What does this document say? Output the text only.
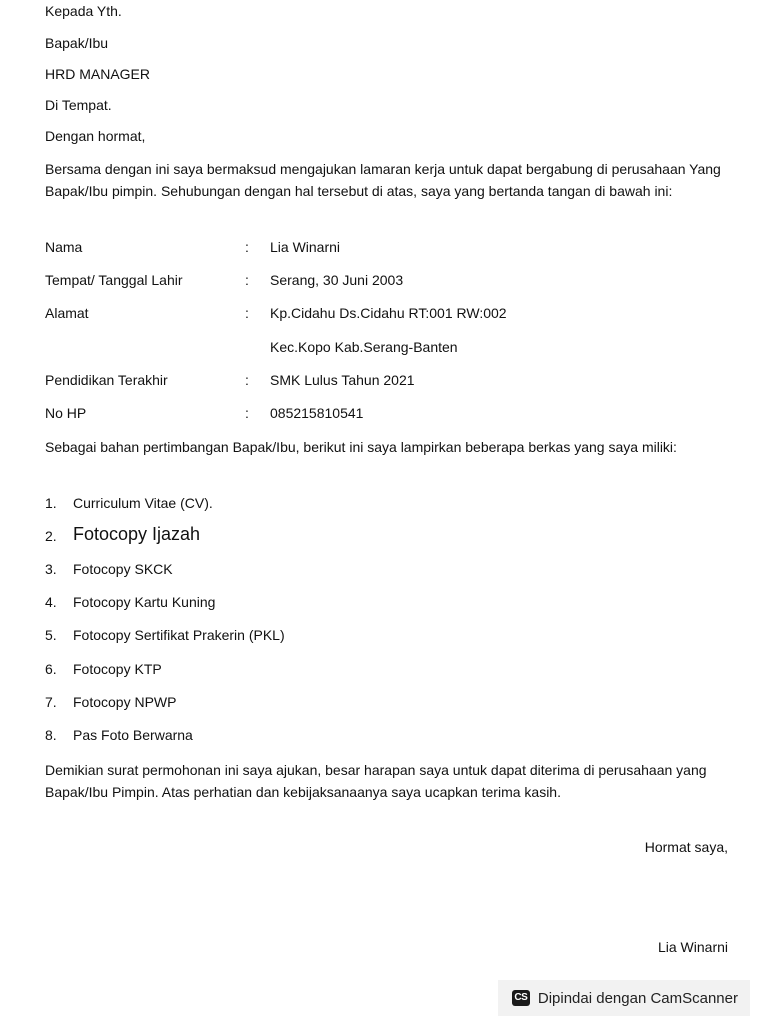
Kepada Yth.
Bapak/Ibu
HRD MANAGER
Di Tempat.
Dengan hormat,
Bersama dengan ini saya bermaksud mengajukan lamaran kerja untuk dapat bergabung di perusahaan Yang Bapak/Ibu pimpin. Sehubungan dengan hal tersebut di atas, saya yang bertanda tangan di bawah ini:
Nama	: Lia Winarni
Tempat/ Tanggal Lahir	: Serang, 30 Juni 2003
Alamat	: Kp.Cidahu Ds.Cidahu RT:001 RW:002
Kec.Kopo Kab.Serang-Banten
Pendidikan Terakhir	: SMK Lulus Tahun 2021
No HP	: 085215810541
Sebagai bahan pertimbangan Bapak/Ibu, berikut ini saya lampirkan beberapa berkas yang saya miliki:
1. Curriculum Vitae (CV).
2. Fotocopy Ijazah
3. Fotocopy SKCK
4. Fotocopy Kartu Kuning
5. Fotocopy Sertifikat Prakerin (PKL)
6. Fotocopy KTP
7. Fotocopy NPWP
8. Pas Foto Berwarna
Demikian surat permohonan ini saya ajukan, besar harapan saya untuk dapat diterima di perusahaan yang Bapak/Ibu Pimpin. Atas perhatian dan kebijaksanaanya saya ucapkan terima kasih.
Hormat saya,
Lia Winarni
CS Dipindai dengan CamScanner
